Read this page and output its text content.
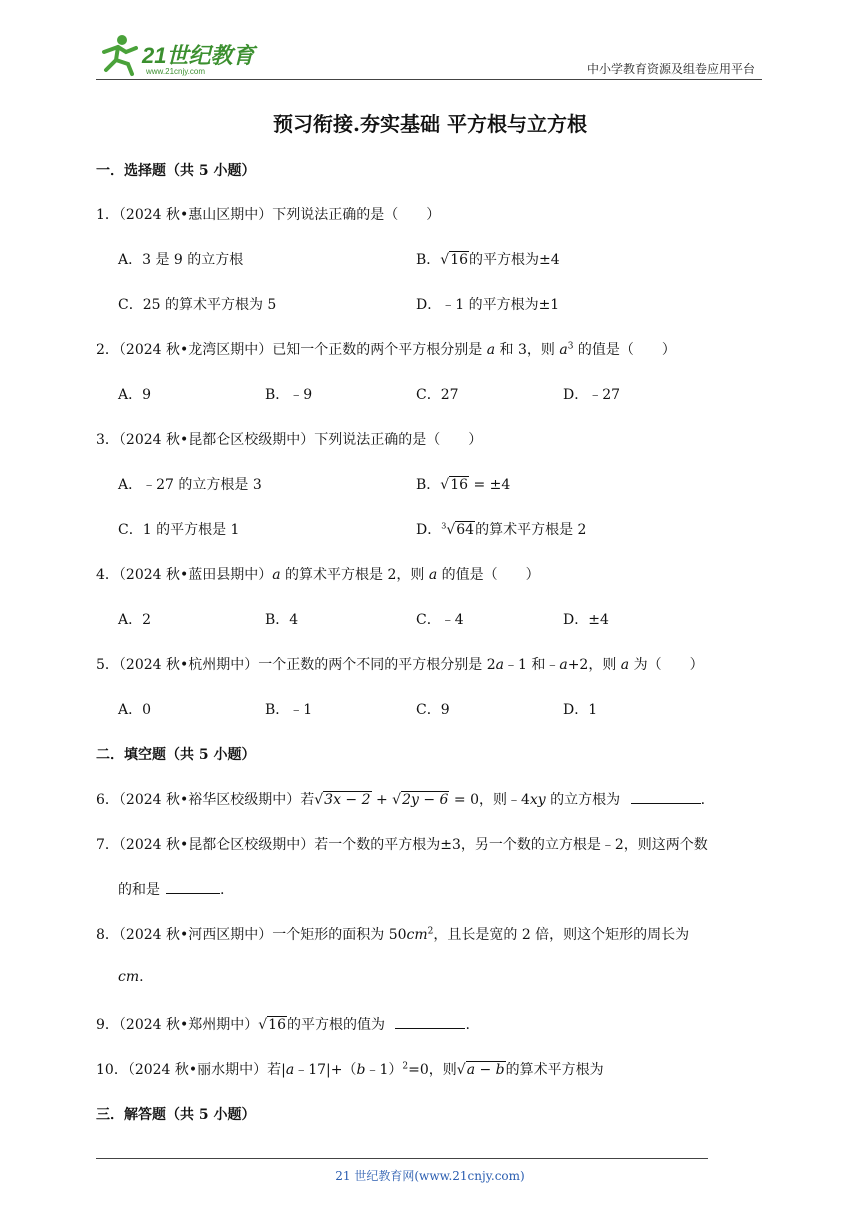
21世纪教育
www.21cnjy.com	中小学教育资源及组卷应用平台
预习衔接.夯实基础 平方根与立方根
一．选择题（共 5 小题）
1．（2024 秋•惠山区期中）下列说法正确的是（　　）
A．3 是 9 的立方根	B．√16的平方根为±4
C．25 的算术平方根为 5	D．﹣1 的平方根为±1
2．（2024 秋•龙湾区期中）已知一个正数的两个平方根分别是 a 和 3，则 $a^3$ 的值是（　　）
A．9	B．﹣9	C．27	D．﹣27
3．（2024 秋•昆都仑区校级期中）下列说法正确的是（　　）
A．﹣27 的立方根是 3	B．√16 = ±4
C．1 的平方根是 1	D．$^3$√64的算术平方根是 2
4．（2024 秋•蓝田县期中）a 的算术平方根是 2，则 a 的值是（　　）
A．2	B．4	C．﹣4	D．±4
5．（2024 秋•杭州期中）一个正数的两个不同的平方根分别是 2a﹣1 和﹣a+2，则 a 为（　　）
A．0	B．﹣1	C．9	D．1
二．填空题（共 5 小题）
6．（2024 秋•裕华区校级期中）若√3x − 2 + √2y − 6 = 0，则﹣4xy 的立方根为	.
7．（2024 秋•昆都仑区校级期中）若一个数的平方根为±3，另一个数的立方根是﹣2，则这两个数
的和是	.
8．（2024 秋•河西区期中）一个矩形的面积为 $50cm^2$，且长是宽的 2 倍，则这个矩形的周长为
cm.
9．（2024 秋•郑州期中）√16的平方根的值为	.
10．（2024 秋•丽水期中）若|a﹣17|+（b﹣1）$^2$=0，则√a − b的算术平方根为
三．解答题（共 5 小题）
21 世纪教育网(www.21cnjy.com)
